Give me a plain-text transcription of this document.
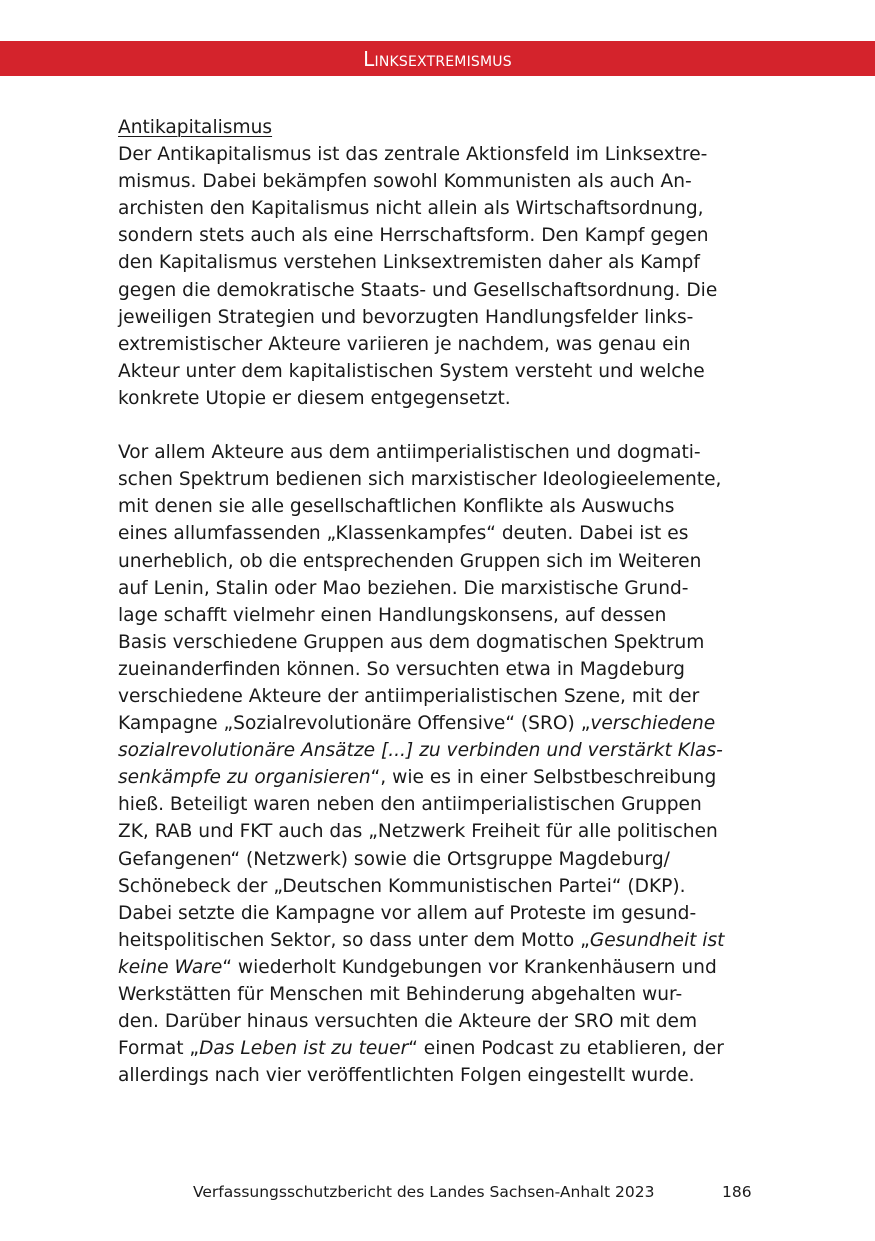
Linksextremismus
Antikapitalismus

Der Antikapitalismus ist das zentrale Aktionsfeld im Linksextre-
mismus. Dabei bekämpfen sowohl Kommunisten als auch An-
archisten den Kapitalismus nicht allein als Wirtschaftsordnung,
sondern stets auch als eine Herrschaftsform. Den Kampf gegen
den Kapitalismus verstehen Linksextremisten daher als Kampf
gegen die demokratische Staats- und Gesellschaftsordnung. Die
jeweiligen Strategien und bevorzugten Handlungsfelder links-
extremistischer Akteure variieren je nachdem, was genau ein
Akteur unter dem kapitalistischen System versteht und welche
konkrete Utopie er diesem entgegensetzt.

Vor allem Akteure aus dem antiimperialistischen und dogmati-
schen Spektrum bedienen sich marxistischer Ideologieelemente,
mit denen sie alle gesellschaftlichen Konflikte als Auswuchs
eines allumfassenden „Klassenkampfes“ deuten. Dabei ist es
unerheblich, ob die entsprechenden Gruppen sich im Weiteren
auf Lenin, Stalin oder Mao beziehen. Die marxistische Grund-
lage schafft vielmehr einen Handlungskonsens, auf dessen
Basis verschiedene Gruppen aus dem dogmatischen Spektrum
zueinanderfinden können. So versuchten etwa in Magdeburg
verschiedene Akteure der antiimperialistischen Szene, mit der
Kampagne „Sozialrevolutionäre Offensive“ (SRO) „verschiedene
sozialrevolutionäre Ansätze [...] zu verbinden und verstärkt Klas-
senkämpfe zu organisieren“, wie es in einer Selbstbeschreibung
hieß. Beteiligt waren neben den antiimperialistischen Gruppen
ZK, RAB und FKT auch das „Netzwerk Freiheit für alle politischen
Gefangenen“ (Netzwerk) sowie die Ortsgruppe Magdeburg/
Schönebeck der „Deutschen Kommunistischen Partei“ (DKP).
Dabei setzte die Kampagne vor allem auf Proteste im gesund-
heitspolitischen Sektor, so dass unter dem Motto „Gesundheit ist
keine Ware“ wiederholt Kundgebungen vor Krankenhäusern und
Werkstätten für Menschen mit Behinderung abgehalten wur-
den. Darüber hinaus versuchten die Akteure der SRO mit dem
Format „Das Leben ist zu teuer“ einen Podcast zu etablieren, der
allerdings nach vier veröffentlichten Folgen eingestellt wurde.

Verfassungsschutzbericht des Landes Sachsen-Anhalt 2023	186
